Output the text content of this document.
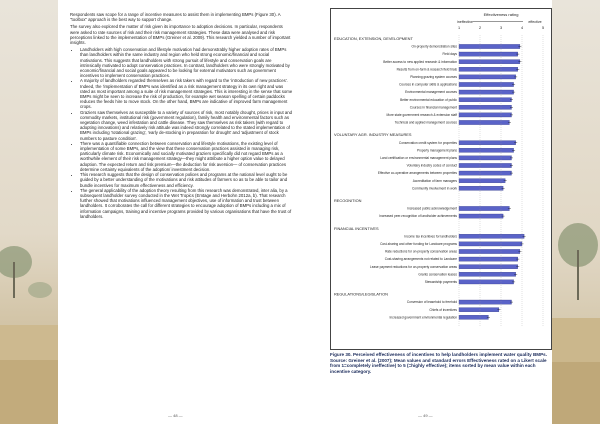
Respondents saw scope for a range of incentive measures to assist them in implementing BMPs (Figure 30). A "toolbox" approach is the best way to support change.

The survey also explored the matter of risk given its importance to adoption decisions. In particular, respondents were asked to rate sources of risk and their risk management strategies. These data were analysed and risk perceptions linked to the implementation of BMPs (Greiner et al. 2009). This research yielded a number of important insights.

• Landholders with high conservation and lifestyle motivation had demonstrably higher adoption rates of BMPs than landholders within the same industry and region who held strong economic/financial and social motivations. This suggests that landholders with strong pursuit of lifestyle and conservation goals are intrinsically motivated to adopt conservation practices. In contrast, landholders who were strongly motivated by economic/financial and social goals appeared to be looking for external motivators such as government incentives to implement conservation practices.
• A majority of landholders regarded themselves as risk takers with regard to the 'introduction of new practices'. Indeed, the 'implementation of BMPs was identified as a risk management strategy in its own right and was rated as most important among a suite of risk management strategies. This is interesting in the sense that some BMPs might be seen to increase the risk of production, for example wet season spelling of certain paddocks reduces the feeds hire to move stock. On the other hand, BMPs are indicative of improved farm management crops.
• Graziers saw themselves as susceptible to a variety of sources of risk, most notably drought, prices in input and commodity markets, institutional risk (government regulation), family health and environmental factors such as vegetation change, weed infestation and cattle disease. They saw themselves as risk takers (with regard to adopting innovations) and relatively risk attitude was indeed strongly correlated to the stated implementation of BMPs including 'rotational grazing', 'early de-stocking in preparation for drought' and 'adjustment of stock numbers to pasture condition'.
• There was a quantifiable connection between conservation and lifestyle motivations, the existing level of implementation of some BMPs, and the view that these conservation practices assisted in managing risk, particularly climate risk. Economically and socially motivated graziers specifically did not regard BMPs as a worthwhile element of their risk management strategy—they might attribute a higher option value to delayed adoption. The expected return and risk premium—the deduction for risk aversion— of conservation practices determine certainty equivalents of the adoption/ investment decision.
• This research suggests that the design of conservation polices and programs at the national level ought to be guided by a better understanding of the motivations and risk attitudes of farmers so as to be able to tailor and bundle incentives for maximum effectiveness and efficiency.
• The general applicability of the adoption theory resulting from this research was demonstrated, inter alia, by a subsequent landholder survey conducted in the Wet Tropics (Emtage and Herbohn 2012a, b). That research further showed that motivations influenced management objectives, use of information and trust between landholders. It corroborates the call for different strategies to encourage adoption of BMPs including a mix of information campaigns, training and incentive programs provided by various organisations that have the trust of landholders.
— 48 —
Effectiveness rating
ineffective	effective
1	2	3	4	5
EDUCATION, EXTENSION, DEVELOPMENT
On-property demonstration sites
Field days
Better access to new applied research & information
Results from on-farm & research field trials
Planning grazing system courses
Courses in computer skills & applications
Environmental management courses
Better environmental education of public
Courses in financial management
More state government research & extension staff
Technical and applied management courses
VOLUNTARY AGR. INDUSTRY MEASURES
Conservation credit system for properties
Property management plans
Land certification or environmental management plans
Voluntary industry codes of conduct
Effective co-operative arrangements between properties
Accreditation of farm managers
Community involvement in work
RECOGNITION
Increased public acknowledgement
Increased peer-recognition of landholder achievements
FINANCIAL INCENTIVES
Income tax incentives for landholders
Cost-sharing and other funding for Landcare programs
Rate reductions for on-property conservation areas
Cost-sharing arrangements not related to Landcare
Lease payment reductions for on-property conservation areas
Grants conservation leases
Stewardship payments
REGULATIONS/LEGISLATION
Conversion of leasehold to freehold
Chiefs of incentives
Increased government environmental regulation
Figure 30. Perceived effectiveness of incentives to help landholders implement water quality BMPs. Source: Greiner et al. (2007); Mean values and standard errors Effectiveness rated on a Likert scale from 1=completely ineffective) to 5 (=highly effective); items sorted by mean value within each incentive category.
— 49 —
